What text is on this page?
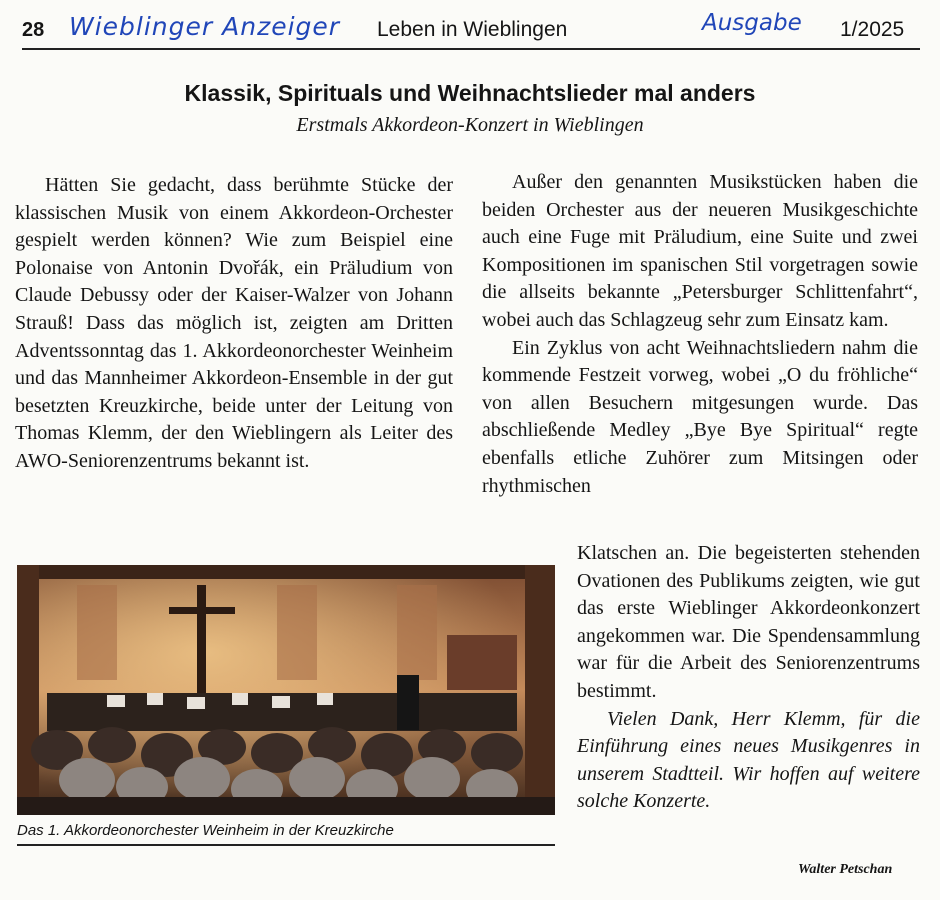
28 Wieblinger Anzeiger Leben in Wieblingen	Ausgabe 1/2025
Klassik, Spirituals und Weihnachtslieder mal anders
Erstmals Akkordeon-Konzert in Wieblingen

Hätten Sie gedacht, dass berühmte Stücke der klassischen Musik von einem Akkordeon-Orchester gespielt werden können? Wie zum Beispiel eine Polonaise von Antonin Dvořák, ein Präludium von Claude Debussy oder der Kaiser-Walzer von Johann Strauß! Dass das möglich ist, zeigten am Dritten Adventssonntag das 1. Akkordeonorchester Weinheim und das Mannheimer Akkordeon-Ensemble in der gut besetzten Kreuzkirche, beide unter der Leitung von Thomas Klemm, der den Wieblingern als Leiter des AWO-Seniorenzentrums bekannt ist.

Außer den genannten Musikstücken haben die beiden Orchester aus der neueren Musikgeschichte auch eine Fuge mit Präludium, eine Suite und zwei Kompositionen im spanischen Stil vorgetragen sowie die allseits bekannte „Petersburger Schlittenfahrt“, wobei auch das Schlagzeug sehr zum Einsatz kam.

Ein Zyklus von acht Weihnachtsliedern nahm die kommende Festzeit vorweg, wobei „O du fröhliche“ von allen Besuchern mitgesungen wurde. Das abschließende Medley „Bye Bye Spiritual“ regte ebenfalls etliche Zuhörer zum Mitsingen oder rhythmischen

Klatschen an. Die begeisterten stehenden Ovationen des Publikums zeigten, wie gut das erste Wieblinger Akkordeonkonzert angekommen war. Die Spendensammlung war für die Arbeit des Seniorenzentrums bestimmt.

Vielen Dank, Herr Klemm, für die Einführung eines neues Musikgenres in unserem Stadtteil. Wir hoffen auf weitere solche Konzerte.

Das 1. Akkordeonorchester Weinheim in der Kreuzkirche
Walter Petschan
